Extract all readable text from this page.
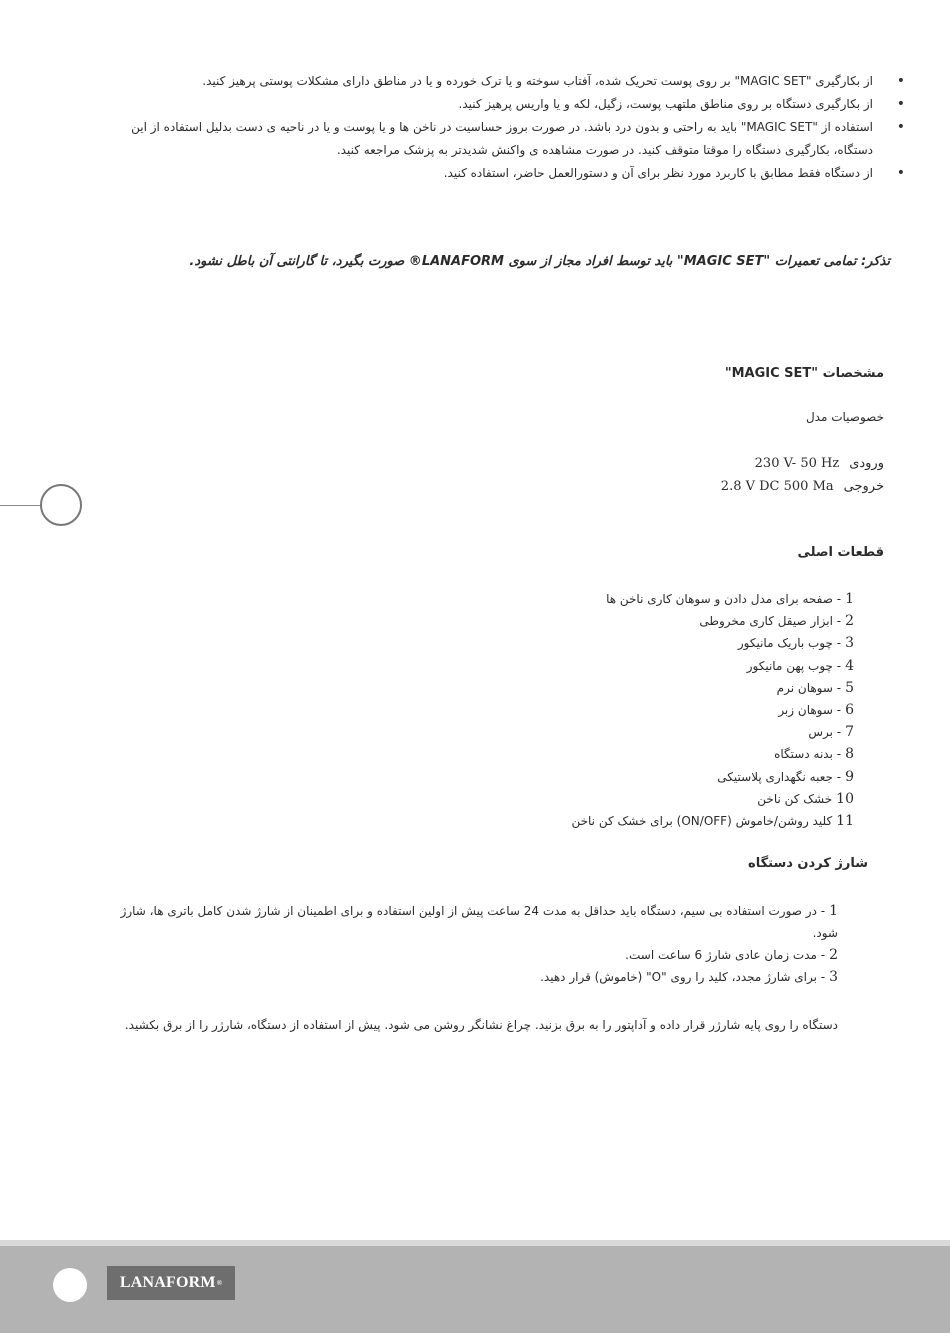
از بکارگیری "MAGIC SET" بر روی پوست تحریک شده، آفتاب سوخته و یا ترک خورده و یا در مناطق دارای مشکلات پوستی پرهیز کنید. •
از بکارگیری دستگاه بر روی مناطق ملتهب پوست، زگیل، لکه و یا واریس پرهیز کنید. •
استفاده از "MAGIC SET" باید به راحتی و بدون درد باشد. در صورت بروز حساسیت در ناخن ها و یا پوست و یا در ناحیه ی دست بدلیل استفاده از این دستگاه، بکارگیری دستگاه را موقتا متوقف کنید. در صورت مشاهده ی واکنش شدیدتر به پزشک مراجعه کنید. •
از دستگاه فقط مطابق با کاربرد مورد نظر برای آن و دستورالعمل حاضر، استفاده کنید. •
تذکر: تمامی تعمیرات "MAGIC SET" باید توسط افراد مجاز از سوی LANAFORM® صورت بگیرد، تا گارانتی آن باطل نشود.
مشخصات "MAGIC SET"
خصوصیات مدل
ورودی230 V- 50 Hz
خروجی2.8 V DC 500 Ma
قطعات اصلی
1- صفحه برای مدل دادن و سوهان کاری ناخن ها
2- ابزار صیقل کاری مخروطی
3- چوب باریک مانیکور
4- چوب پهن مانیکور
5- سوهان نرم
6- سوهان زبر
7- برس
8- بدنه دستگاه
9- جعبه نگهداری پلاستیکی
10خشک کن ناخن
11کلید روشن/خاموش (ON/OFF) برای خشک کن ناخن
شارژ کردن دستگاه
1- در صورت استفاده بی سیم، دستگاه باید حداقل به مدت 24 ساعت پیش از اولین استفاده و برای اطمینان از شارژ شدن کامل باتری ها، شارژ شود.
2- مدت زمان عادی شارژ 6 ساعت است.
3- برای شارژ مجدد، کلید را روی "O" (خاموش) قرار دهید.
دستگاه را روی پایه شارژر قرار داده و آداپتور را به برق بزنید. چراغ نشانگر روشن می شود. پیش از استفاده از دستگاه، شارژر را از برق بکشید.
LANAFORM ®
